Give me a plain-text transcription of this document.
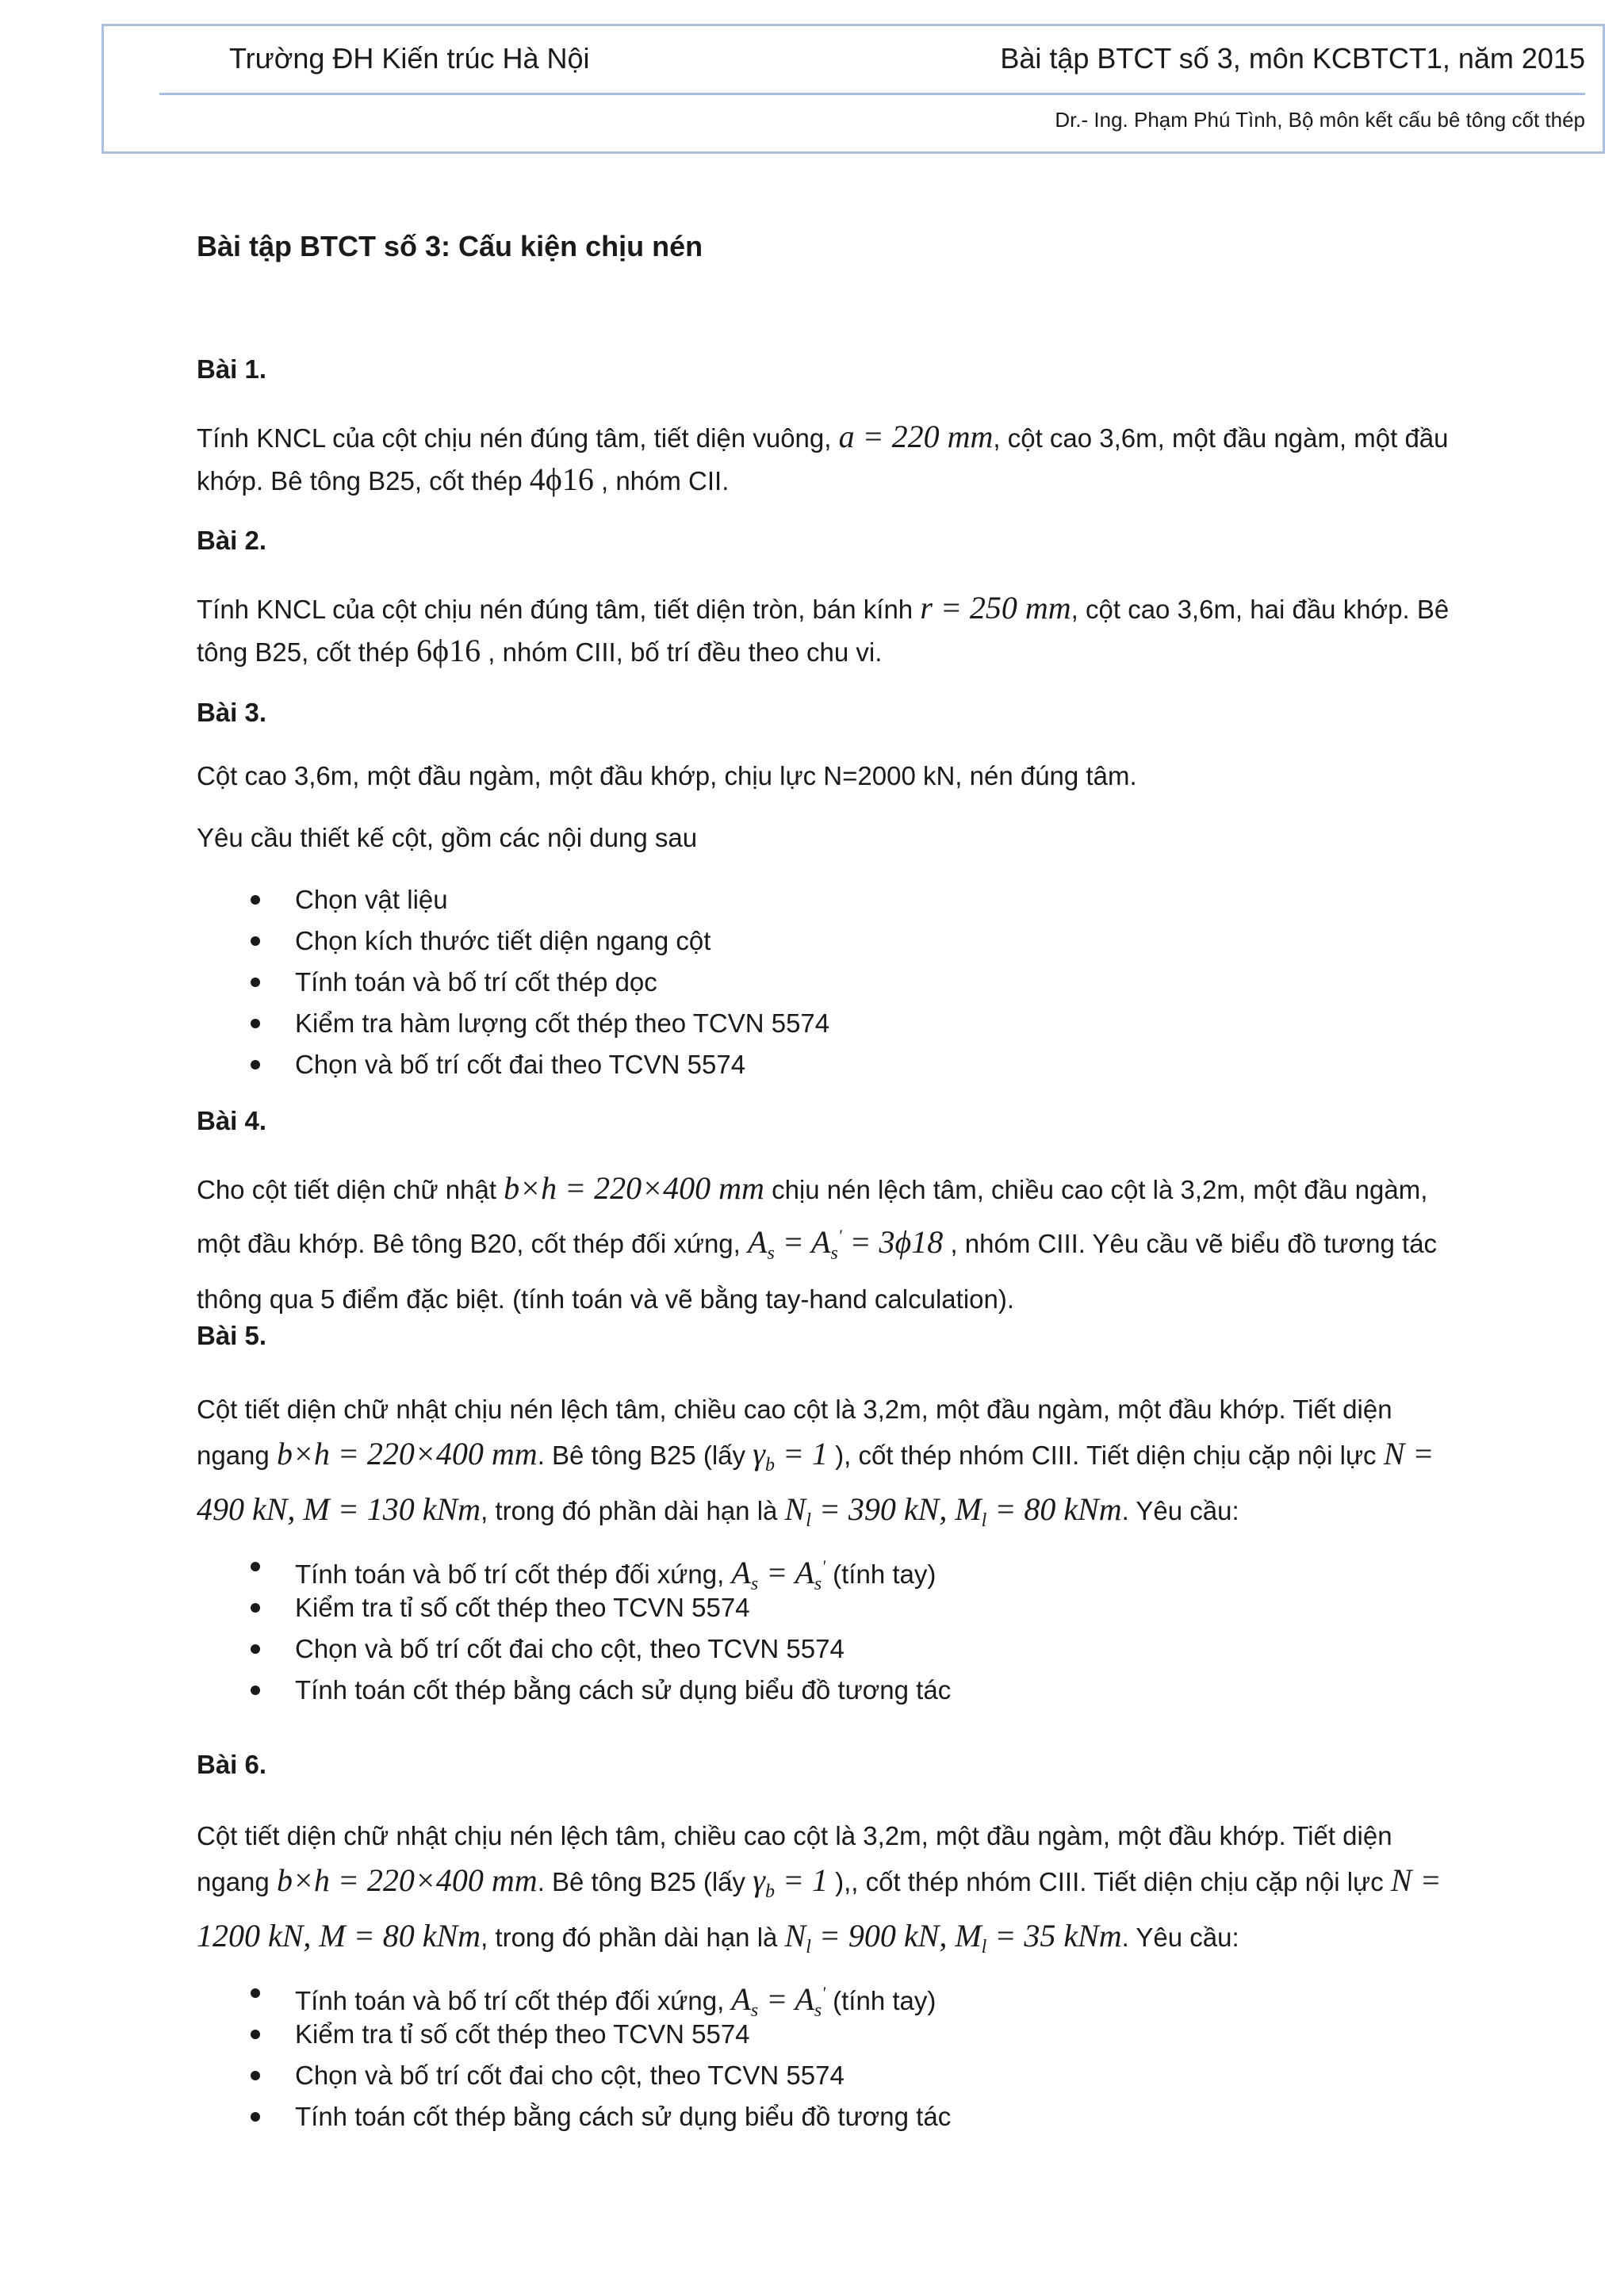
Trường ĐH Kiến trúc Hà Nội	Bài tập BTCT số 3, môn KCBTCT1, năm 2015
Dr.- Ing. Phạm Phú Tình, Bộ môn kết cấu bê tông cốt thép
Bài tập BTCT số 3: Cấu kiện chịu nén
Bài 1.
Tính KNCL của cột chịu nén đúng tâm, tiết diện vuông, a = 220 mm, cột cao 3,6m, một đầu ngàm, một đầu khớp. Bê tông B25, cốt thép 4ϕ16 , nhóm CII.
Bài 2.
Tính KNCL của cột chịu nén đúng tâm, tiết diện tròn, bán kính r = 250 mm, cột cao 3,6m, hai đầu khớp. Bê tông B25, cốt thép 6ϕ16 , nhóm CIII, bố trí đều theo chu vi.
Bài 3.
Cột cao 3,6m, một đầu ngàm, một đầu khớp, chịu lực N=2000 kN, nén đúng tâm.
Yêu cầu thiết kế cột, gồm các nội dung sau
Chọn vật liệu
Chọn kích thước tiết diện ngang cột
Tính toán và bố trí cốt thép dọc
Kiểm tra hàm lượng cốt thép theo TCVN 5574
Chọn và bố trí cốt đai theo TCVN 5574
Bài 4.
Cho cột tiết diện chữ nhật b×h = 220×400 mm chịu nén lệch tâm, chiều cao cột là 3,2m, một đầu ngàm, một đầu khớp. Bê tông B20, cốt thép đối xứng, $A_s = A_s' = 3\phi 18$ , nhóm CIII. Yêu cầu vẽ biểu đồ tương tác thông qua 5 điểm đặc biệt. (tính toán và vẽ bằng tay-hand calculation).
Bài 5.
Cột tiết diện chữ nhật chịu nén lệch tâm, chiều cao cột là 3,2m, một đầu ngàm, một đầu khớp. Tiết diện ngang b×h = 220×400 mm. Bê tông B25 (lấy $\gamma_b = 1$ ), cốt thép nhóm CIII. Tiết diện chịu cặp nội lực N = 490 kN, M = 130 kNm, trong đó phần dài hạn là $N_l = 390$ kN, $M_l = 80$ kNm. Yêu cầu:
Tính toán và bố trí cốt thép đối xứng, $A_s = A_s'$ (tính tay)
Kiểm tra tỉ số cốt thép theo TCVN 5574
Chọn và bố trí cốt đai cho cột, theo TCVN 5574
Tính toán cốt thép bằng cách sử dụng biểu đồ tương tác
Bài 6.
Cột tiết diện chữ nhật chịu nén lệch tâm, chiều cao cột là 3,2m, một đầu ngàm, một đầu khớp. Tiết diện ngang b×h = 220×400 mm. Bê tông B25 (lấy $\gamma_b = 1$ ),, cốt thép nhóm CIII. Tiết diện chịu cặp nội lực N = 1200 kN, M = 80 kNm, trong đó phần dài hạn là $N_l = 900$ kN, $M_l = 35$ kNm. Yêu cầu:
Tính toán và bố trí cốt thép đối xứng, $A_s = A_s'$ (tính tay)
Kiểm tra tỉ số cốt thép theo TCVN 5574
Chọn và bố trí cốt đai cho cột, theo TCVN 5574
Tính toán cốt thép bằng cách sử dụng biểu đồ tương tác
